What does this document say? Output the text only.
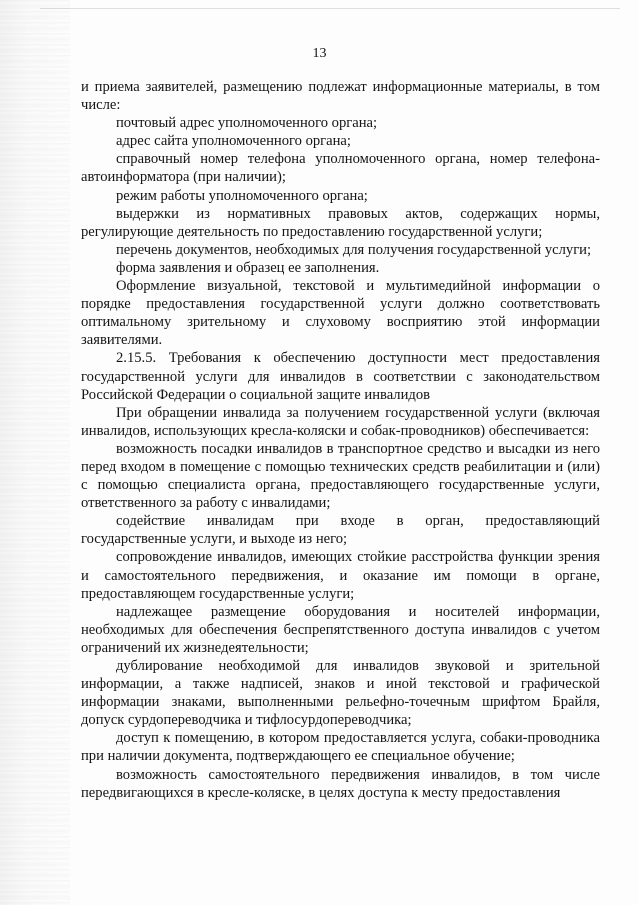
13

и приема заявителей, размещению подлежат информационные материалы, в том числе:

почтовый адрес уполномоченного органа;

адрес сайта уполномоченного органа;

справочный номер телефона уполномоченного органа, номер телефона-автоинформатора (при наличии);

режим работы уполномоченного органа;

выдержки из нормативных правовых актов, содержащих нормы, регулирующие деятельность по предоставлению государственной услуги;

перечень документов, необходимых для получения государственной услуги;

форма заявления и образец ее заполнения.

Оформление визуальной, текстовой и мультимедийной информации о порядке предоставления государственной услуги должно соответствовать оптимальному зрительному и слуховому восприятию этой информации заявителями.

2.15.5. Требования к обеспечению доступности мест предоставления государственной услуги для инвалидов в соответствии с законодательством Российской Федерации о социальной защите инвалидов

При обращении инвалида за получением государственной услуги (включая инвалидов, использующих кресла-коляски и собак-проводников) обеспечивается:

возможность посадки инвалидов в транспортное средство и высадки из него перед входом в помещение с помощью технических средств реабилитации и (или) с помощью специалиста органа, предоставляющего государственные услуги, ответственного за работу с инвалидами;

содействие инвалидам при входе в орган, предоставляющий государственные услуги, и выходе из него;

сопровождение инвалидов, имеющих стойкие расстройства функции зрения и самостоятельного передвижения, и оказание им помощи в органе, предоставляющем государственные услуги;

надлежащее размещение оборудования и носителей информации, необходимых для обеспечения беспрепятственного доступа инвалидов с учетом ограничений их жизнедеятельности;

дублирование необходимой для инвалидов звуковой и зрительной информации, а также надписей, знаков и иной текстовой и графической информации знаками, выполненными рельефно-точечным шрифтом Брайля, допуск сурдопереводчика и тифлосурдопереводчика;

доступ к помещению, в котором предоставляется услуга, собаки-проводника при наличии документа, подтверждающего ее специальное обучение;

возможность самостоятельного передвижения инвалидов, в том числе передвигающихся в кресле-коляске, в целях доступа к месту предоставления
